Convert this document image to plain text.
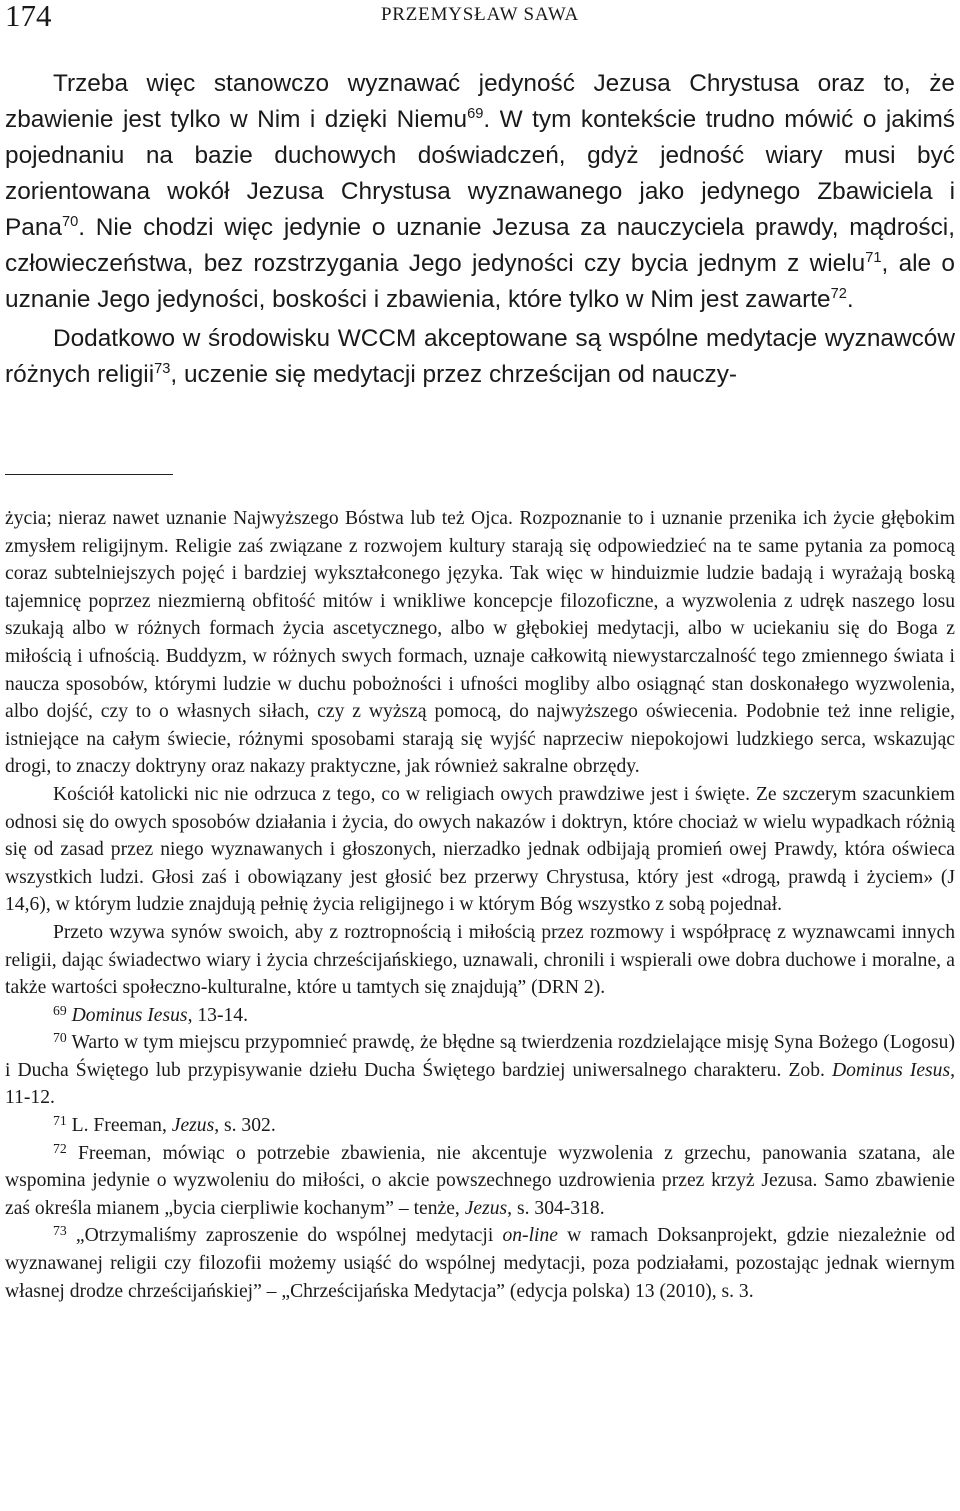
174	PRZEMYSŁAW SAWA

Trzeba więc stanowczo wyznawać jedyność Jezusa Chrystusa oraz to, że zbawienie jest tylko w Nim i dzięki Niemu$^{69}$. W tym kontekście trudno mówić o jakimś pojednaniu na bazie duchowych doświadczeń, gdyż jedność wiary musi być zorientowana wokół Jezusa Chrystusa wyznawanego jako jedynego Zbawiciela i Pana$^{70}$. Nie chodzi więc jedynie o uznanie Jezusa za nauczyciela prawdy, mądrości, człowieczeństwa, bez rozstrzygania Jego jedyności czy bycia jednym z wielu$^{71}$, ale o uznanie Jego jedyności, boskości i zbawienia, które tylko w Nim jest zawarte$^{72}$.

Dodatkowo w środowisku WCCM akceptowane są wspólne medytacje wyznawców różnych religii$^{73}$, uczenie się medytacji przez chrześcijan od nauczy-

życia; nieraz nawet uznanie Najwyższego Bóstwa lub też Ojca. Rozpoznanie to i uznanie przenika ich życie głębokim zmysłem religijnym. Religie zaś związane z rozwojem kultury starają się odpowiedzieć na te same pytania za pomocą coraz subtelniejszych pojęć i bardziej wykształconego języka. Tak więc w hinduizmie ludzie badają i wyrażają boską tajemnicę poprzez niezmierną obfitość mitów i wnikliwe koncepcje filozoficzne, a wyzwolenia z udręk naszego losu szukają albo w różnych formach życia ascetycznego, albo w głębokiej medytacji, albo w uciekaniu się do Boga z miłością i ufnością. Buddyzm, w różnych swych formach, uznaje całkowitą niewystarczalność tego zmiennego świata i naucza sposobów, którymi ludzie w duchu pobożności i ufności mogliby albo osiągnąć stan doskonałego wyzwolenia, albo dojść, czy to o własnych siłach, czy z wyższą pomocą, do najwyższego oświecenia. Podobnie też inne religie, istniejące na całym świecie, różnymi sposobami starają się wyjść naprzeciw niepokojowi ludzkiego serca, wskazując drogi, to znaczy doktryny oraz nakazy praktyczne, jak również sakralne obrzędy.

Kościół katolicki nic nie odrzuca z tego, co w religiach owych prawdziwe jest i święte. Ze szczerym szacunkiem odnosi się do owych sposobów działania i życia, do owych nakazów i doktryn, które chociaż w wielu wypadkach różnią się od zasad przez niego wyznawanych i głoszonych, nierzadko jednak odbijają promień owej Prawdy, która oświeca wszystkich ludzi. Głosi zaś i obowiązany jest głosić bez przerwy Chrystusa, który jest «drogą, prawdą i życiem» (J 14,6), w którym ludzie znajdują pełnię życia religijnego i w którym Bóg wszystko z sobą pojednał.

Przeto wzywa synów swoich, aby z roztropnością i miłością przez rozmowy i współpracę z wyznawcami innych religii, dając świadectwo wiary i życia chrześcijańskiego, uznawali, chronili i wspierali owe dobra duchowe i moralne, a także wartości społeczno-kulturalne, które u tamtych się znajdują” (DRN 2).

$^{69}$ Dominus Iesus, 13-14.

$^{70}$ Warto w tym miejscu przypomnieć prawdę, że błędne są twierdzenia rozdzielające misję Syna Bożego (Logosu) i Ducha Świętego lub przypisywanie dziełu Ducha Świętego bardziej uniwersalnego charakteru. Zob. Dominus Iesus, 11-12.

$^{71}$ L. Freeman, Jezus, s. 302.

$^{72}$ Freeman, mówiąc o potrzebie zbawienia, nie akcentuje wyzwolenia z grzechu, panowania szatana, ale wspomina jedynie o wyzwoleniu do miłości, o akcie powszechnego uzdrowienia przez krzyż Jezusa. Samo zbawienie zaś określa mianem „bycia cierpliwie kochanym” – tenże, Jezus, s. 304-318.

$^{73}$ „Otrzymaliśmy zaproszenie do wspólnej medytacji on-line w ramach Doksanprojekt, gdzie niezależnie od wyznawanej religii czy filozofii możemy usiąść do wspólnej medytacji, poza podziałami, pozostając jednak wiernym własnej drodze chrześcijańskiej” – „Chrześcijańska Medytacja” (edycja polska) 13 (2010), s. 3.
